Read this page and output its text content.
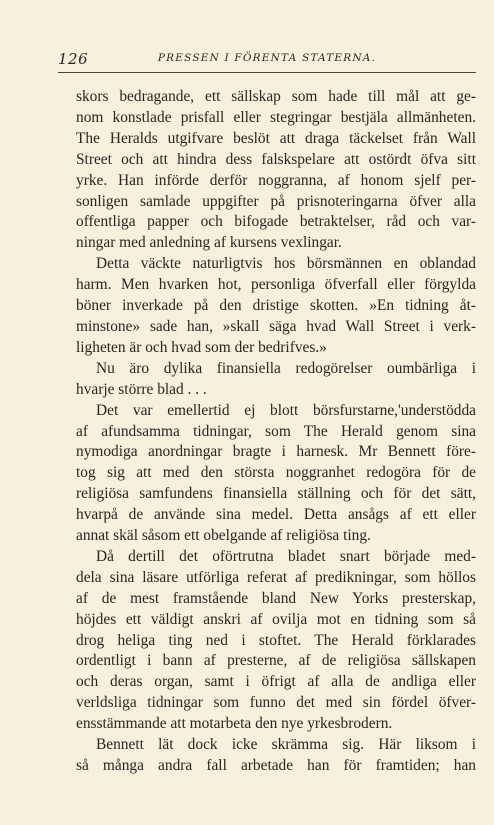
126	PRESSEN I FÖRENTA STATERNA.
skors bedragande, ett sällskap som hade till mål att ge-
nom konstlade prisfall eller stegringar bestjäla allmänheten.
The Heralds utgifvare beslöt att draga täckelset från Wall
Street och att hindra dess falskspelare att ostördt öfva sitt
yrke. Han införde derför noggranna, af honom sjelf per-
sonligen samlade uppgifter på prisnoteringarna öfver alla
offentliga papper och bifogade betraktelser, råd och var-
ningar med anledning af kursens vexlingar.
Detta väckte naturligtvis hos börsmännen en oblandad
harm. Men hvarken hot, personliga öfverfall eller förgylda
böner inverkade på den dristige skotten. »En tidning åt-
minstone» sade han, »skall säga hvad Wall Street i verk-
ligheten är och hvad som der bedrifves.»
Nu äro dylika finansiella redogörelser oumbärliga i
hvarje större blad . . .
Det var emellertid ej blott börsfurstarne,'understödda
af afundsamma tidningar, som The Herald genom sina
nymodiga anordningar bragte i harnesk. Mr Bennett före-
tog sig att med den största noggranhet redogöra för de
religiösa samfundens finansiella ställning och för det sätt,
hvarpå de använde sina medel. Detta ansågs af ett eller
annat skäl såsom ett obelgande af religiösa ting.
Då dertill det oförtrutna bladet snart började med-
dela sina läsare utförliga referat af predikningar, som höllos
af de mest framstående bland New Yorks presterskap,
höjdes ett väldigt anskri af ovilja mot en tidning som så
drog heliga ting ned i stoftet. The Herald förklarades
ordentligt i bann af presterne, af de religiösa sällskapen
och deras organ, samt i öfrigt af alla de andliga eller
verldsliga tidningar som funno det med sin fördel öfver-
ensstämmande att motarbeta den nye yrkesbrodern.
Bennett lät dock icke skrämma sig. Här liksom i
så många andra fall arbetade han för framtiden; han
